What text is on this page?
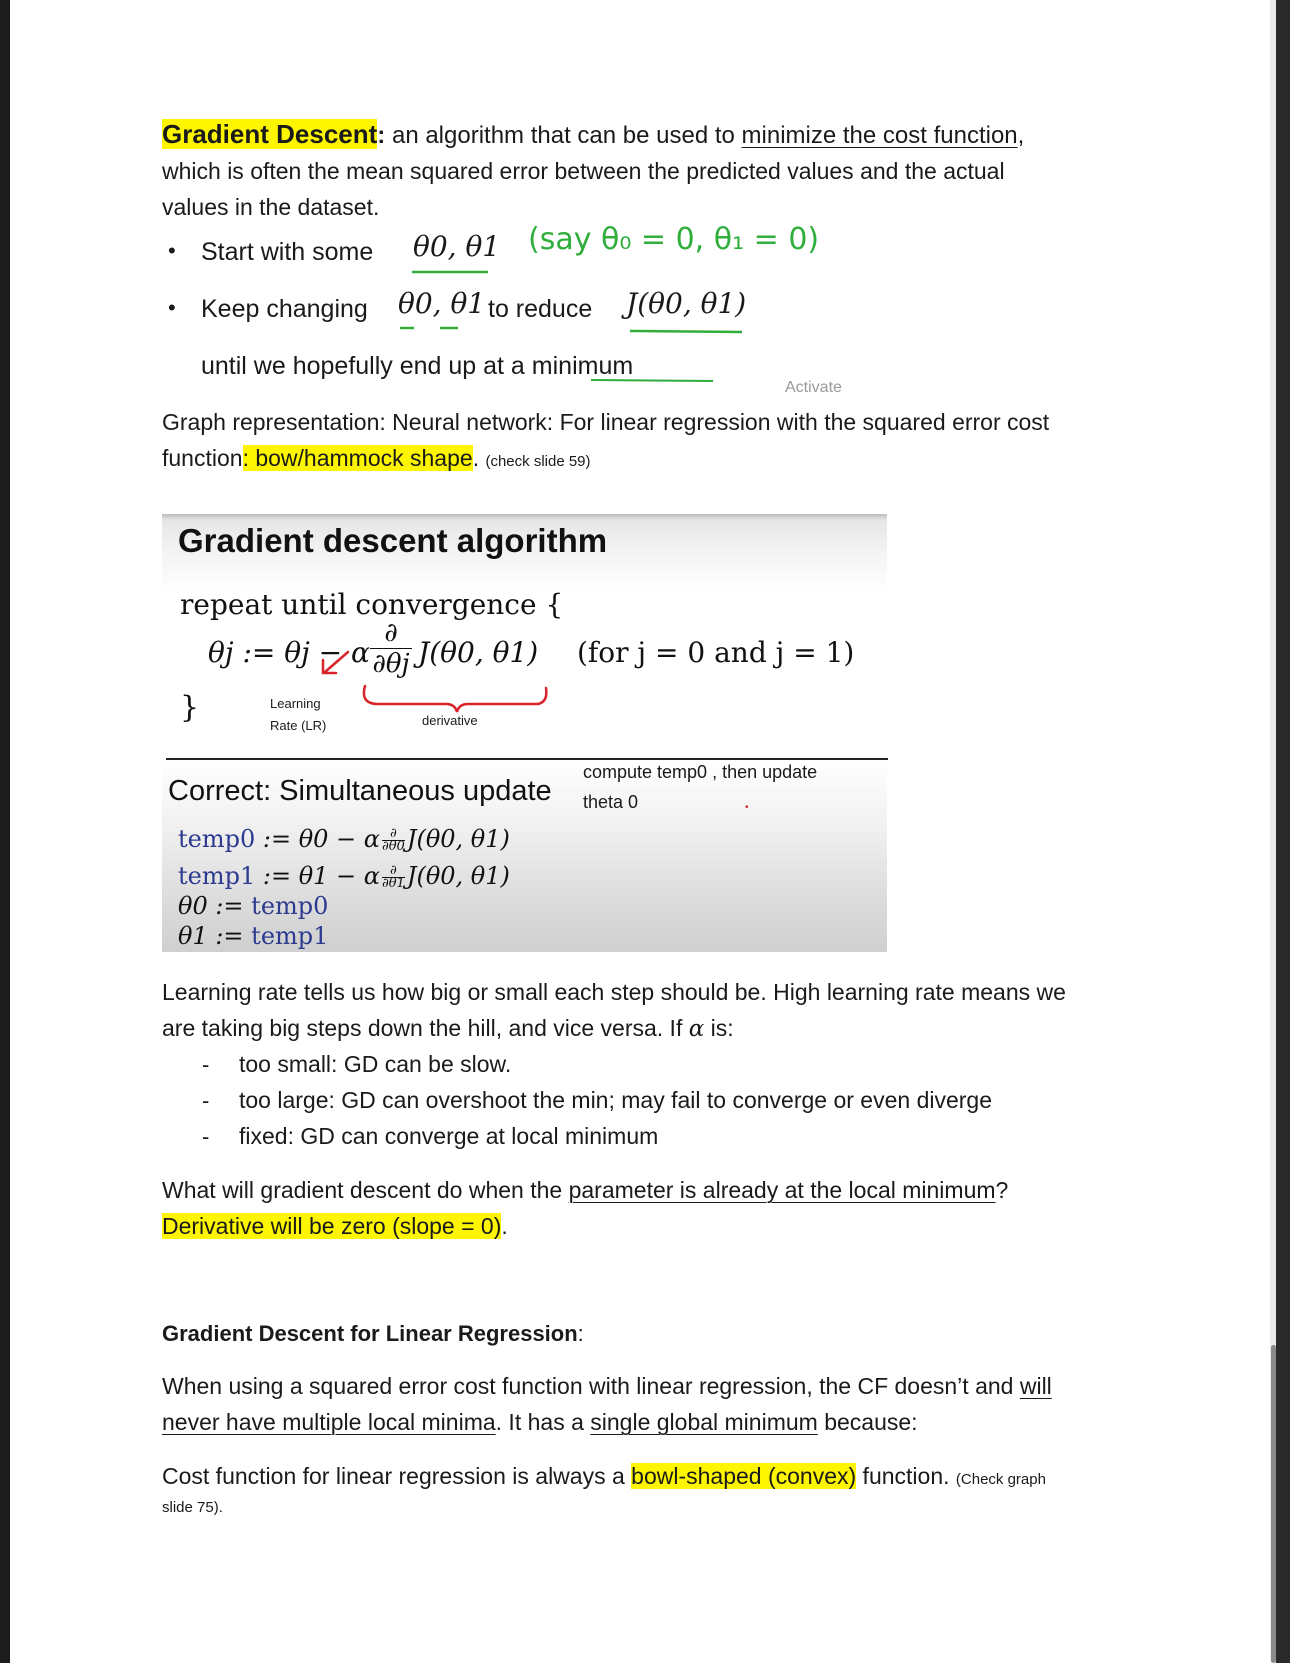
Gradient Descent: an algorithm that can be used to minimize the cost function,
which is often the mean squared error between the predicted values and the actual
values in the dataset.
• Start with some θ0, θ1 (say θ₀ = 0, θ₁ = 0)
• Keep changing θ0, θ1 to reduce J(θ0, θ1)
until we hopefully end up at a minimum
Activate
Graph representation: Neural network: For linear regression with the squared error cost
function: bow/hammock shape. (check slide 59)
Gradient descent algorithm
repeat until convergence {
θj := θj − α
∂
∂θj J(θ0, θ1) (for j = 0 and j = 1)
}	Learning
Rate (LR)	derivative
Correct: Simultaneous update
compute temp0 , then update
theta 0
temp0 := θ0 − α $\frac{\partial}{\partial\theta 0}J(\theta 0$, θ1)
temp1 := θ1 − α $\frac{\partial}{\partial\theta 1}J(\theta 0$, θ1)
θ0 := temp0
θ1 := temp1
•
Learning rate tells us how big or small each step should be. High learning rate means we
are taking big steps down the hill, and vice versa. If α is:
- too small: GD can be slow.
- too large: GD can overshoot the min; may fail to converge or even diverge
- fixed: GD can converge at local minimum
What will gradient descent do when the parameter is already at the local minimum?
Derivative will be zero (slope = 0).
Gradient Descent for Linear Regression:
When using a squared error cost function with linear regression, the CF doesn’t and will
never have multiple local minima. It has a single global minimum because:
Cost function for linear regression is always a bowl-shaped (convex) function. (Check graph
slide 75).
